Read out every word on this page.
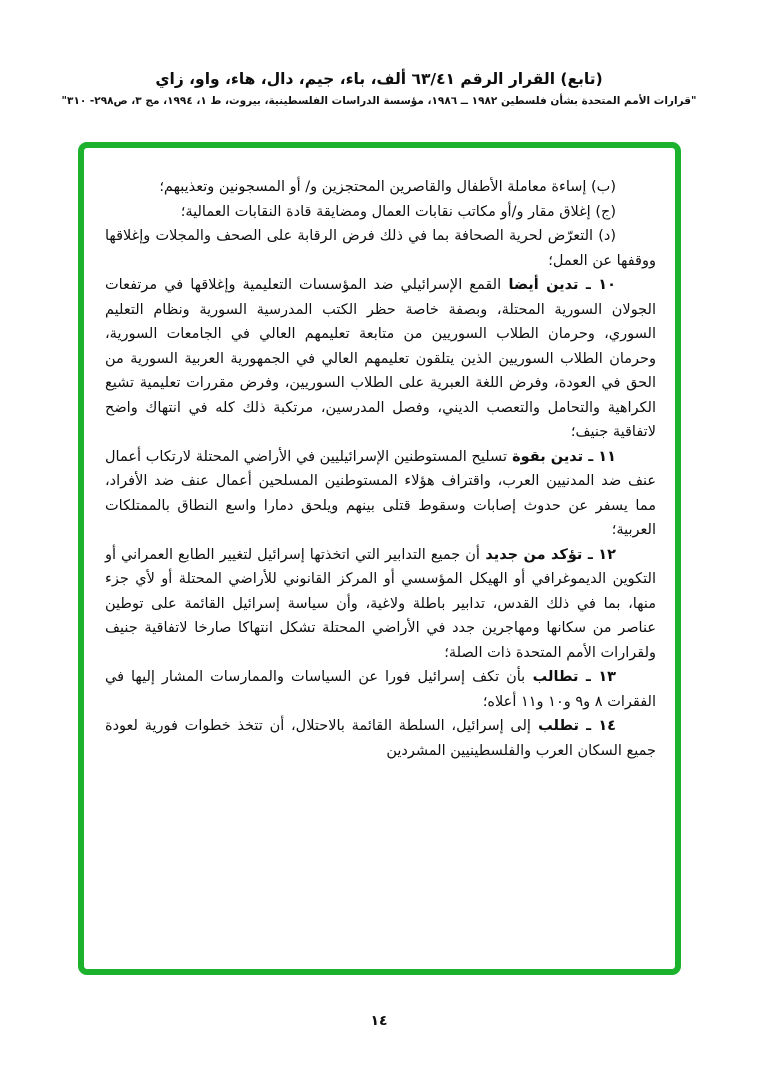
(تابع) القرار الرقم ٦٣/٤١ ألف، باء، جيم، دال، هاء، واو، زاي
"قرارات الأمم المتحدة بشأن فلسطين ١٩٨٢ ــ ١٩٨٦، مؤسسة الدراسات الفلسطينية، بيروت، ط ١، ١٩٩٤، مج ٣، ص٢٩٨- ٣١٠"

(ب) إساءة معاملة الأطفال والقاصرين المحتجزين و/ أو المسجونين وتعذيبهم؛

(ج) إغلاق مقار و/أو مكاتب نقابات العمال ومضايقة قادة النقابات العمالية؛

(د) التعرّض لحرية الصحافة بما في ذلك فرض الرقابة على الصحف والمجلات وإغلاقها ووقفها عن العمل؛

١٠ ـ تدين أيضا القمع الإسرائيلي ضد المؤسسات التعليمية وإغلاقها في مرتفعات الجولان السورية المحتلة، وبصفة خاصة حظر الكتب المدرسية السورية ونظام التعليم السوري، وحرمان الطلاب السوريين من متابعة تعليمهم العالي في الجامعات السورية، وحرمان الطلاب السوريين الذين يتلقون تعليمهم العالي في الجمهورية العربية السورية من الحق في العودة، وفرض اللغة العبرية على الطلاب السوريين، وفرض مقررات تعليمية تشيع الكراهية والتحامل والتعصب الديني، وفصل المدرسين، مرتكبة ذلك كله في انتهاك واضح لاتفاقية جنيف؛

١١ ـ تدين بقوة تسليح المستوطنين الإسرائيليين في الأراضي المحتلة لارتكاب أعمال عنف ضد المدنيين العرب، واقتراف هؤلاء المستوطنين المسلحين أعمال عنف ضد الأفراد، مما يسفر عن حدوث إصابات وسقوط قتلى بينهم ويلحق دمارا واسع النطاق بالممتلكات العربية؛

١٢ ـ تؤكد من جديد أن جميع التدابير التي اتخذتها إسرائيل لتغيير الطابع العمراني أو التكوين الديموغرافي أو الهيكل المؤسسي أو المركز القانوني للأراضي المحتلة أو لأي جزء منها، بما في ذلك القدس، تدابير باطلة ولاغية، وأن سياسة إسرائيل القائمة على توطين عناصر من سكانها ومهاجرين جدد في الأراضي المحتلة تشكل انتهاكا صارخا لاتفاقية جنيف ولقرارات الأمم المتحدة ذات الصلة؛

١٣ ـ تطالب بأن تكف إسرائيل فورا عن السياسات والممارسات المشار إليها في الفقرات ٨ و٩ و١٠ و١١ أعلاه؛

١٤ ـ تطلب إلى إسرائيل، السلطة القائمة بالاحتلال، أن تتخذ خطوات فورية لعودة جميع السكان العرب والفلسطينيين المشردين

١٤
